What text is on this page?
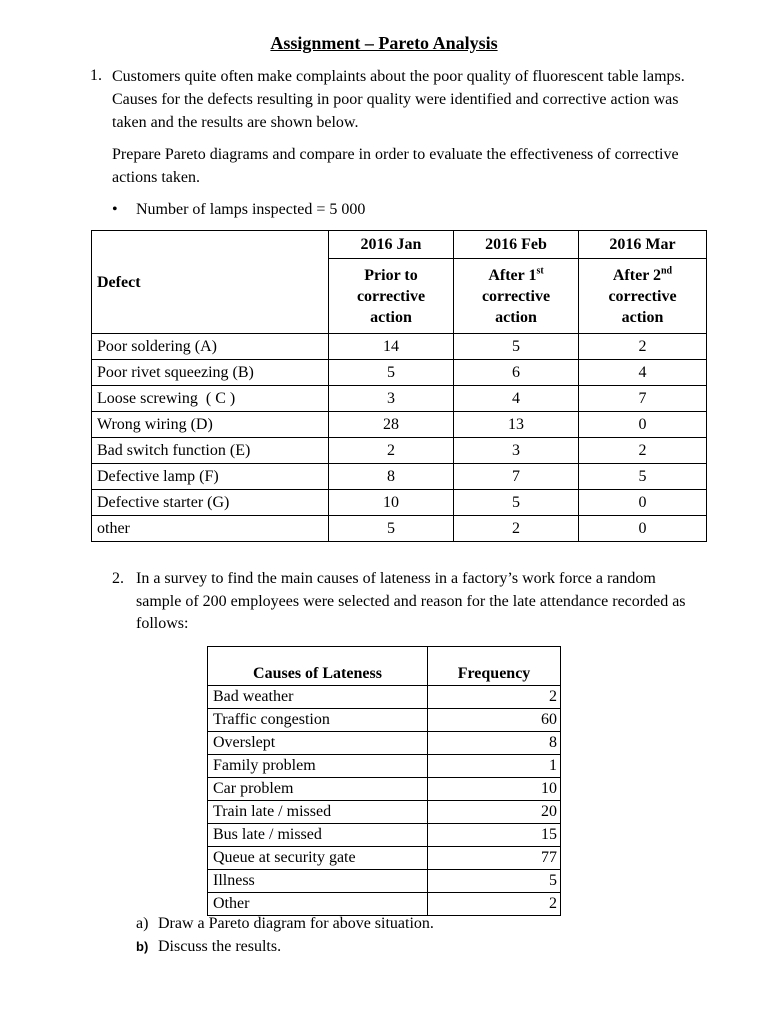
Assignment – Pareto Analysis

1. Customers quite often make complaints about the poor quality of fluorescent table lamps. Causes for the defects resulting in poor quality were identified and corrective action was taken and the results are shown below.

Prepare Pareto diagrams and compare in order to evaluate the effectiveness of corrective actions taken.

• Number of lamps inspected = 5 000

Defect	2016 Jan	2016 Feb	2016 Mar
	Prior to
corrective
action	After 1st
corrective
action	After 2nd
corrective
action
Poor soldering (A)	14	5	2
Poor rivet squeezing (B)	5	6	4
Loose screwing  ( C )	3	4	7
Wrong wiring (D)	28	13	0
Bad switch function (E)	2	3	2
Defective lamp (F)	8	7	5
Defective starter (G)	10	5	0
other	5	2	0

2. In a survey to find the main causes of lateness in a factory’s work force a random sample of 200 employees were selected and reason for the late attendance recorded as follows:

Causes of Lateness	Frequency
Bad weather	2
Traffic congestion	60
Overslept	8
Family problem	1
Car problem	10
Train late / missed	20
Bus late / missed	15
Queue at security gate	77
Illness	5
Other	2

a) Draw a Pareto diagram for above situation.

b) Discuss the results.
